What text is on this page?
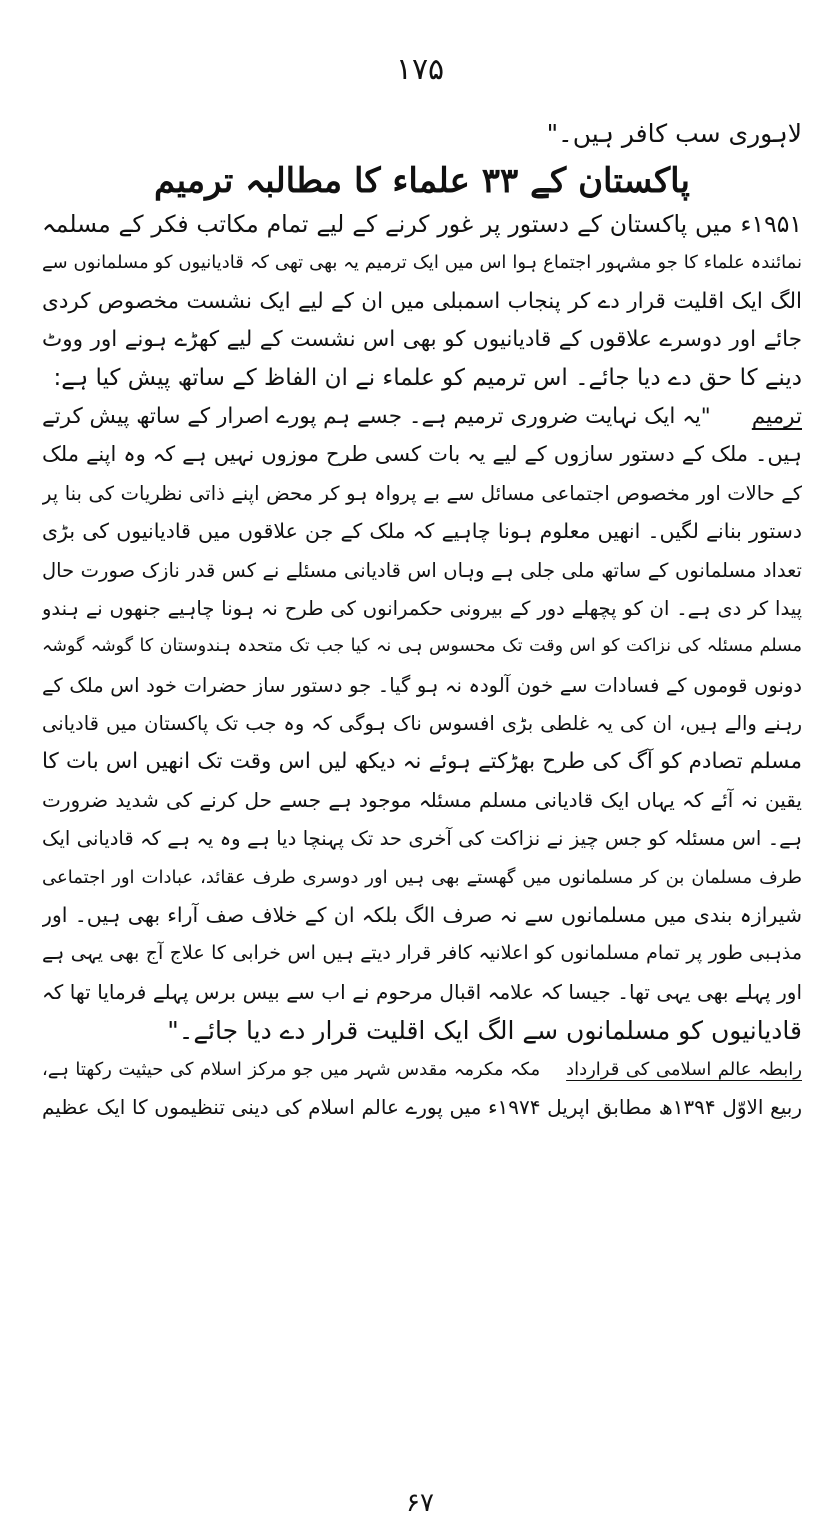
١٧۵
لاہوری سب کافر ہیں۔"
پاکستان کے ۳۳ علماء کا مطالبہ ترمیم
۱۹۵۱ء میں پاکستان کے دستور پر غور کرنے کے لیے تمام مکاتب فکر کے مسلمہ
نمائندہ علماء کا جو مشہور اجتماع ہوا اس میں ایک ترمیم یہ بھی تھی کہ قادیانیوں کو مسلمانوں سے
الگ ایک اقلیت قرار دے کر پنجاب اسمبلی میں ان کے لیے ایک نشست مخصوص کردی
جائے اور دوسرے علاقوں کے قادیانیوں کو بھی اس نشست کے لیے کھڑے ہونے اور ووٹ
دینے کا حق دے دیا جائے۔ اس ترمیم کو علماء نے ان الفاظ کے ساتھ پیش کیا ہے:
ترمیم      "یہ ایک نہایت ضروری ترمیم ہے۔ جسے ہم پورے اصرار کے ساتھ پیش کرتے
ہیں۔ ملک کے دستور سازوں کے لیے یہ بات کسی طرح موزوں نہیں ہے کہ وہ اپنے ملک
کے حالات اور مخصوص اجتماعی مسائل سے بے پرواہ ہو کر محض اپنے ذاتی نظریات کی بنا پر
دستور بنانے لگیں۔ انھیں معلوم ہونا چاہیے کہ ملک کے جن علاقوں میں قادیانیوں کی بڑی
تعداد مسلمانوں کے ساتھ ملی جلی ہے وہاں اس قادیانی مسئلے نے کس قدر نازک صورت حال
پیدا کر دی ہے۔ ان کو پچھلے دور کے بیرونی حکمرانوں کی طرح نہ ہونا چاہیے جنھوں نے ہندو
مسلم مسئلہ کی نزاکت کو اس وقت تک محسوس ہی نہ کیا جب تک متحدہ ہندوستان کا گوشہ گوشہ
دونوں قوموں کے فسادات سے خون آلودہ نہ ہو گیا۔ جو دستور ساز حضرات خود اس ملک کے
رہنے والے ہیں، ان کی یہ غلطی بڑی افسوس ناک ہوگی کہ وہ جب تک پاکستان میں قادیانی
مسلم تصادم کو آگ کی طرح بھڑکتے ہوئے نہ دیکھ لیں اس وقت تک انھیں اس بات کا
یقین نہ آئے کہ یہاں ایک قادیانی مسلم مسئلہ موجود ہے جسے حل کرنے کی شدید ضرورت
ہے۔ اس مسئلہ کو جس چیز نے نزاکت کی آخری حد تک پہنچا دیا ہے وہ یہ ہے کہ قادیانی ایک
طرف مسلمان بن کر مسلمانوں میں گھستے بھی ہیں اور دوسری طرف عقائد، عبادات اور اجتماعی
شیرازہ بندی میں مسلمانوں سے نہ صرف الگ بلکہ ان کے خلاف صف آراء بھی ہیں۔ اور
مذہبی طور پر تمام مسلمانوں کو اعلانیہ کافر قرار دیتے ہیں اس خرابی کا علاج آج بھی یہی ہے
اور پہلے بھی یہی تھا۔ جیسا کہ علامہ اقبال مرحوم نے اب سے بیس برس پہلے فرمایا تھا کہ
قادیانیوں کو مسلمانوں سے الگ ایک اقلیت قرار دے دیا جائے۔"
رابطہ عالم اسلامی کی قرارداد    مکہ مکرمہ مقدس شہر میں جو مرکز اسلام کی حیثیت رکھتا ہے،
ربیع الاوّل ۱۳۹۴ھ مطابق اپریل ۱۹۷۴ء میں پورے عالم اسلام کی دینی تنظیموں کا ایک عظیم
۶٧
